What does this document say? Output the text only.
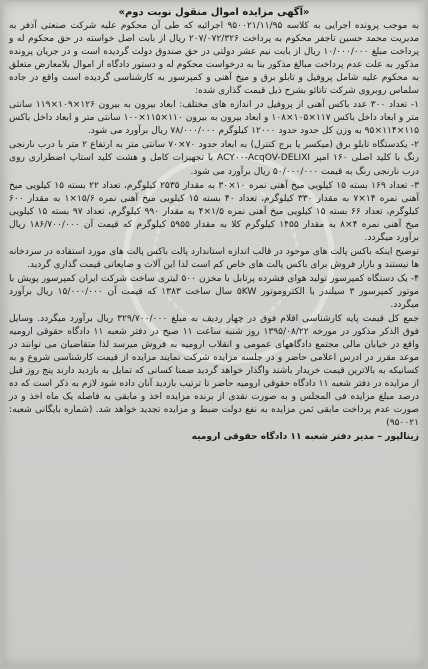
«آگهی مزایده اموال منقول نوبت دوم»
به موجب پرونده اجرایی به کلاسه ۹۵۰۰۲۱/۱۱/۹۵ اجرائیه که طی آن محکوم علیه شرکت صنعتی آذفر به مدیریت محمد حسین تاجفر محکوم به پرداخت ۲۰۷/۰۷۲/۳۲۶ ریال از بابت اصل خواسته در حق محکوم له و پرداخت مبلغ ۱۰/۰۰۰/۰۰۰ ریال از بابت نیم عشر دولتی در حق صندوق دولت گردیده است و در جریان پرونده مذکور به علت عدم پرداخت مبالغ مذکور بنا به درخواست محکوم له و دستور دادگاه از اموال بلامعارض متعلق به محکوم علیه شامل پروفیل و تابلو برق و میخ آهنی و کمپرسور به کارشناسی گردیده است واقع در جاده سلماس روبروی شرکت تاتائو بشرح ذیل قیمت گذاری شده:
۱- تعداد ۳۰۰ عدد باکس آهنی از پروفیل در اندازه های مختلف: ابعاد بیرون به بیرون ۱۲۶×۱۰۹×۱۱۹ سانتی متر و ابعاد داخل باکس ۱۱۷×۱۰۵×۱۰۸ و ابعاد بیرون به بیرون ۱۱۰×۱۱۵×۱۰۰ سانتی متر و ابعاد داخل باکس ۱۱۵×۱۱۴×۹۵ به وزن کل حدود حدود ۱۲۰۰۰ کیلوگرم ۷۸/۰۰۰/۰۰۰ ریال برآورد می شود.
۲- یکدستگاه تابلو برق (میکسر یا برج کنترل) به ابعاد حدود ۷۰×۷۰ سانتی متر به ارتفاع ۲ متر با درب نارنجی رنگ با کلید اصلی ۱۶۰ امپر ACY۰۰-AcqOV-DELIXI با تجهیزات کامل و هشت کلید استاپ اضطراری روی درب نارنجی رنگ به قیمت ۵۰/۰۰۰/۰۰۰ ریال برآورد می شود.
۳- تعداد ۱۶۹ بسته ۱۵ کیلویی میخ آهنی نمره ۱۰×۳۰ به مقدار ۲۵۳۵ کیلوگرم، تعداد ۲۲ بسته ۱۵ کیلویی میخ آهنی نمره ۱۴×۷ به مقدار ۳۳۰ کیلوگرم، تعداد ۴۰ بسته ۱۵ کیلویی میخ آهنی نمره ۱۵/۶×۱ به مقدار ۶۰۰ کیلوگرم، تعداد ۶۶ بسته ۱۵ کیلویی میخ آهنی نمره ۱/۵×۴ به مقدار ۹۹۰ کیلوگرم، تعداد ۹۷ بسته ۱۵ کیلویی میخ آهنی نمره ۴×۸ به مقدار ۱۴۵۵ کیلوگرم کلا به مقدار ۵۹۵۵ کیلوگرم که قیمت آن ۱۸۶/۷۰۰/۰۰۰ ریال برآورد میگردد.
توضیح اینکه باکس پالت های موجود در قالب اندازه استاندارد پالت باکس پالت های مورد استفاده در سردخانه ها نیستند و بازار فروش برای باکس پالت های خاص کم است لذا این آلات و ضایعاتی قیمت گذاری گردید.
۴- یک دستگاه کمپرسور تولید هوای فشرده پرتابل با مخزن ۵۰۰ لیتری ساخت شرکت ایران کمپرسور پویش با موتور کمپرسور ۳ سیلندر با الکتروموتور ۵KW سال ساخت ۱۳۸۳ که قیمت آن ۱۵/۰۰۰/۰۰۰ ریال برآورد میگردد.
جمع کل قیمت پایه کارشناسی اقلام فوق در چهار ردیف به مبلغ ۳۲۹/۷۰۰/۰۰۰ ریال برآورد میگردد. وسایل فوق الذکر مذکور در مورخه ۱۳۹۵/۰۸/۲۲ روز شنبه ساعت ۱۱ صبح در دفتر شعبه ۱۱ دادگاه حقوقی ارومیه واقع در خیابان مالی مجتمع دادگاههای عمومی و انقلاب ارومیه به فروش میرسد لذا متقاضیان می توانند در موعد مقرر در ادرس اعلامی حاضر و در جلسه مزایده شرکت نمایند مزایده از قیمت کارشناسی شروع و به کسانیکه به بالاترین قیمت خریدار باشند واگذار خواهد گردید ضمنا کسانی که تمایل به بازدید دارند پنج روز قبل از مزایده در دفتر شعبه ۱۱ دادگاه حقوقی ارومیه حاضر تا ترتیب بازدید آنان داده شود لازم به ذکر است که ده درصد مبلغ مزایده فی المجلس و به صورت نقدی از برنده مزایده اخذ و مابقی به فاصله یک ماه اخذ و در صورت عدم پرداخت مابقی ثمن مزایده به نفع دولت ضبط و مزایده تجدید خواهد شد. (شماره بایگانی شعبه: ۹۵۰۰۲۱)
زینالپور – مدیر دفتر شعبه ۱۱ دادگاه حقوقی ارومیه
